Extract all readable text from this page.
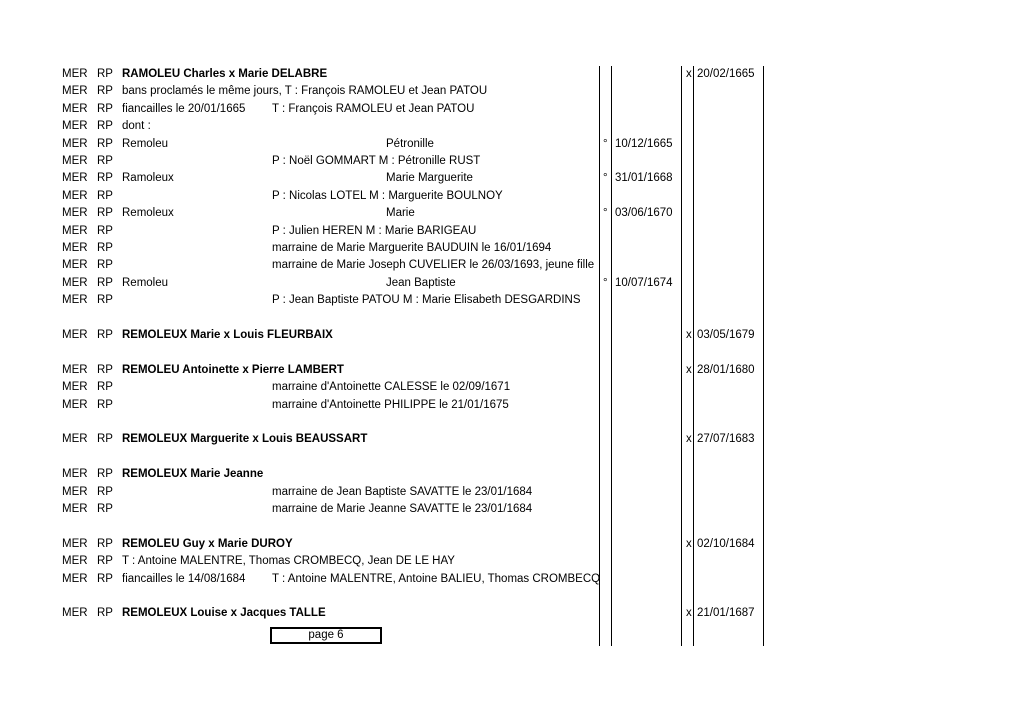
MER RP RAMOLEU Charles x Marie DELABRE	x 20/02/1665
MER RP bans proclamés le même jours, T : François RAMOLEU et Jean PATOU
MER RP fiancailles le 20/01/1665 T : François RAMOLEU et Jean PATOU
MER RP dont :
MER RP Remoleu	Pétronille	° 10/12/1665
MER RP	P : Noël GOMMART M : Pétronille RUST
MER RP Ramoleux	Marie Marguerite	° 31/01/1668
MER RP	P : Nicolas LOTEL M : Marguerite BOULNOY
MER RP Remoleux	Marie	° 03/06/1670
MER RP	P : Julien HEREN M : Marie BARIGEAU
MER RP	marraine de Marie Marguerite BAUDUIN le 16/01/1694
MER RP	marraine de Marie Joseph CUVELIER le 26/03/1693, jeune fille
MER RP Remoleu	Jean Baptiste	° 10/07/1674
MER RP	P : Jean Baptiste PATOU M : Marie Elisabeth DESGARDINS
MER RP REMOLEUX Marie x Louis FLEURBAIX	x 03/05/1679
MER RP REMOLEU Antoinette x Pierre LAMBERT	x 28/01/1680
MER RP	marraine d'Antoinette CALESSE le 02/09/1671
MER RP	marraine d'Antoinette PHILIPPE le 21/01/1675
MER RP REMOLEUX Marguerite x Louis BEAUSSART	x 27/07/1683
MER RP REMOLEUX Marie Jeanne
MER RP	marraine de Jean Baptiste SAVATTE le 23/01/1684
MER RP	marraine de Marie Jeanne SAVATTE le 23/01/1684
MER RP REMOLEU Guy x Marie DUROY	x 02/10/1684
MER RP T : Antoine MALENTRE, Thomas CROMBECQ, Jean DE LE HAY
MER RP fiancailles le 14/08/1684 T : Antoine MALENTRE, Antoine BALIEU, Thomas CROMBECQ
MER RP REMOLEUX Louise x Jacques TALLE	x 21/01/1687
page 6
